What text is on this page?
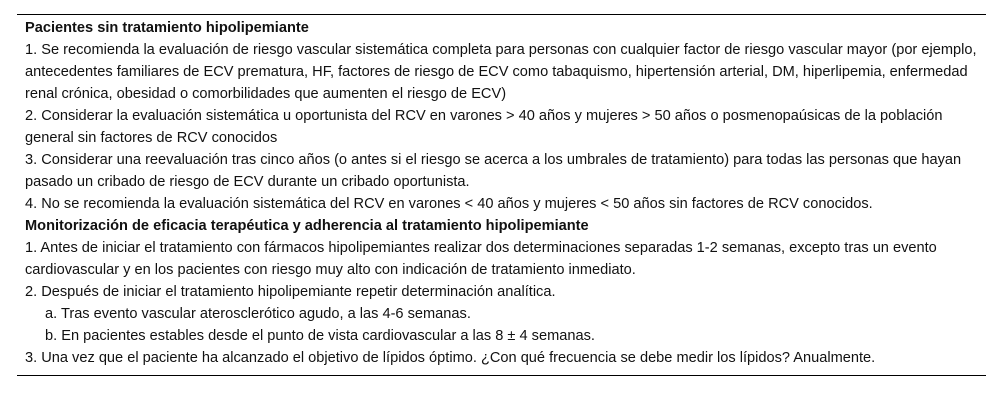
Pacientes sin tratamiento hipolipemiante
1. Se recomienda la evaluación de riesgo vascular sistemática completa para personas con cualquier factor de riesgo vascular mayor (por ejemplo, antecedentes familiares de ECV prematura, HF, factores de riesgo de ECV como tabaquismo, hipertensión arterial, DM, hiperlipemia, enfermedad renal crónica, obesidad o comorbilidades que aumenten el riesgo de ECV)
2. Considerar la evaluación sistemática u oportunista del RCV en varones > 40 años y mujeres > 50 años o posmenopaúsicas de la población general sin factores de RCV conocidos
3. Considerar una reevaluación tras cinco años (o antes si el riesgo se acerca a los umbrales de tratamiento) para todas las personas que hayan pasado un cribado de riesgo de ECV durante un cribado oportunista.
4. No se recomienda la evaluación sistemática del RCV en varones < 40 años y mujeres < 50 años sin factores de RCV conocidos.
Monitorización de eficacia terapéutica y adherencia al tratamiento hipolipemiante
1. Antes de iniciar el tratamiento con fármacos hipolipemiantes realizar dos determinaciones separadas 1-2 semanas, excepto tras un evento cardiovascular y en los pacientes con riesgo muy alto con indicación de tratamiento inmediato.
2. Después de iniciar el tratamiento hipolipemiante repetir determinación analítica.
a. Tras evento vascular aterosclerótico agudo, a las 4-6 semanas.
b. En pacientes estables desde el punto de vista cardiovascular a las 8 ± 4 semanas.
3. Una vez que el paciente ha alcanzado el objetivo de lípidos óptimo. ¿Con qué frecuencia se debe medir los lípidos? Anualmente.
